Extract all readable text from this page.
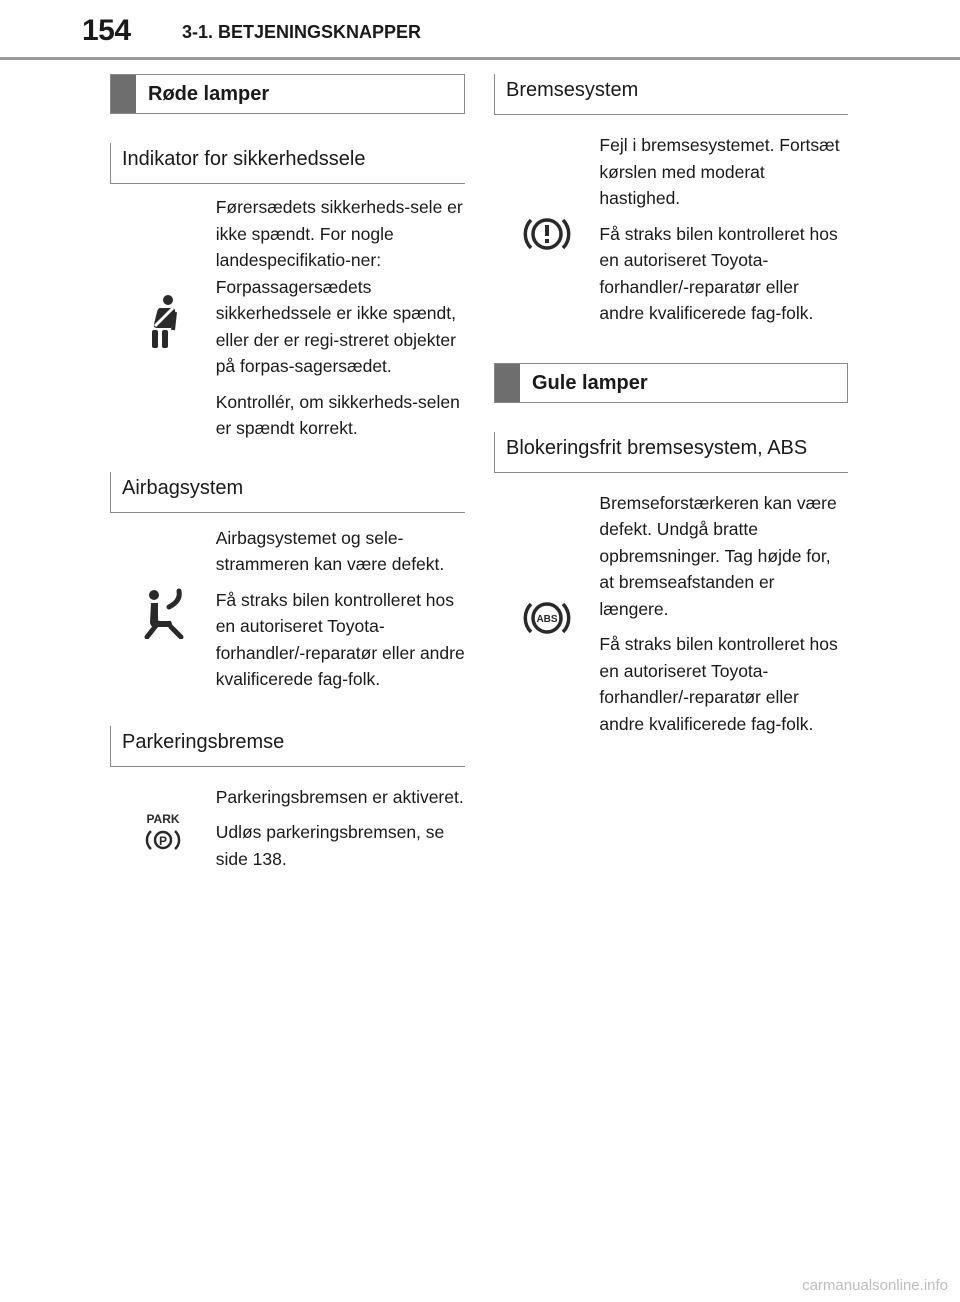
154	3-1. BETJENINGSKNAPPER
Røde lamper
Indikator for sikkerhedssele

Førersædets sikkerheds-sele er ikke spændt. For nogle landespecifikatio-ner: Forpassagersædets sikkerhedssele er ikke spændt, eller der er regi-streret objekter på forpas-sagersædet.

Kontrollér, om sikkerheds-selen er spændt korrekt.

Airbagsystem

Airbagsystemet og sele-strammeren kan være defekt.

Få straks bilen kontrolleret hos en autoriseret Toyota-forhandler/-reparatør eller andre kvalificerede fag-folk.

Parkeringsbremse
PARK
P

Parkeringsbremsen er aktiveret.

Udløs parkeringsbremsen, se side 138.

Bremsesystem

Fejl i bremsesystemet. Fortsæt kørslen med moderat hastighed.

Få straks bilen kontrolleret hos en autoriseret Toyota-forhandler/-reparatør eller andre kvalificerede fag-folk.

Gule lamper
Blokeringsfrit bremsesystem, ABS
ABS

Bremseforstærkeren kan være defekt. Undgå bratte opbremsninger. Tag højde for, at bremseafstanden er længere.

Få straks bilen kontrolleret hos en autoriseret Toyota-forhandler/-reparatør eller andre kvalificerede fag-folk.

carmanualsonline.info
